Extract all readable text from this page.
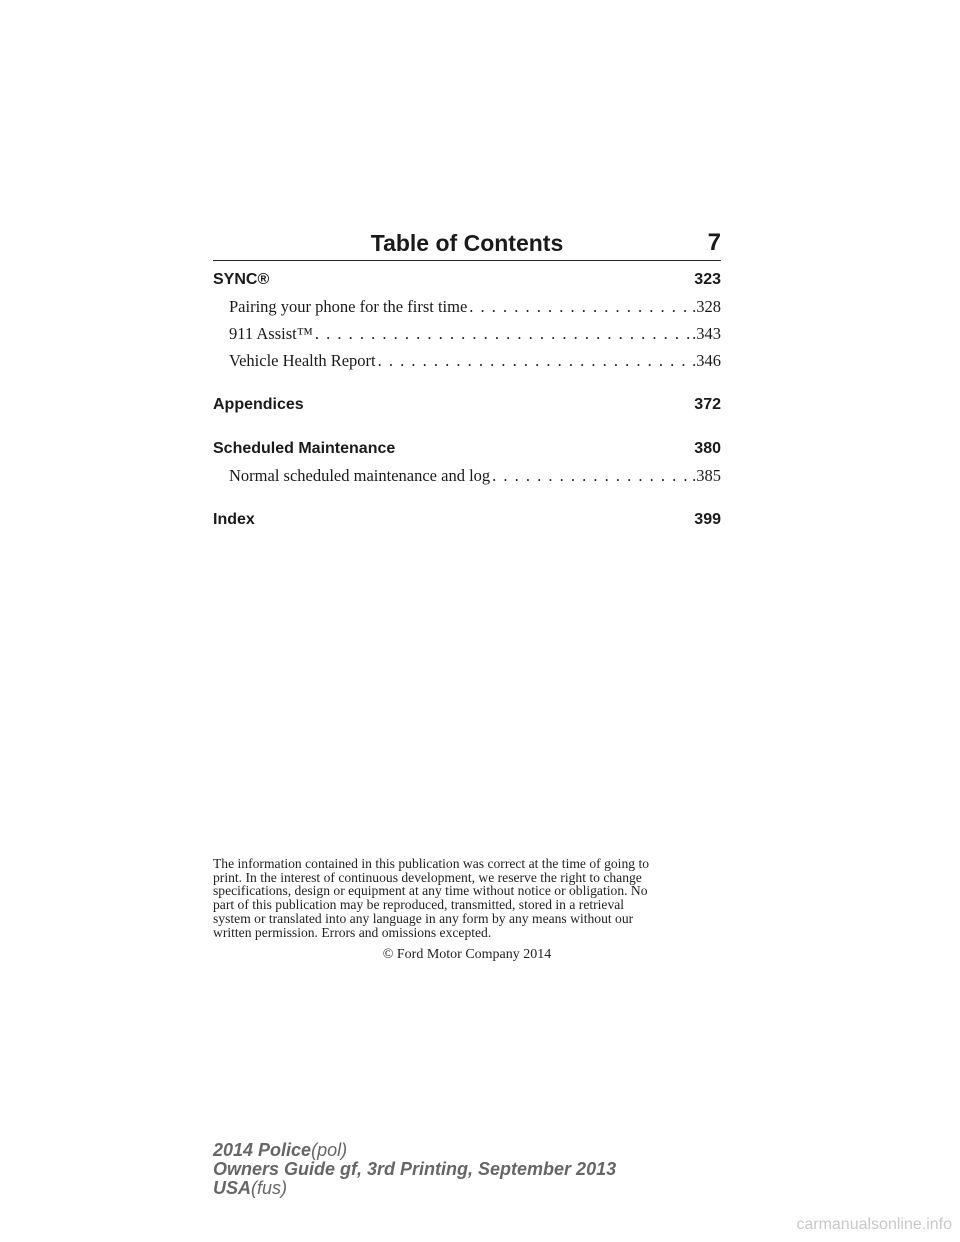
Table of Contents	7
SYNC®	323
Pairing your phone for the first time . . .	.328
911 Assist™ . . .	.343
Vehicle Health Report . . .	.346
Appendices	372
Scheduled Maintenance	380
Normal scheduled maintenance and log . . .	.385
Index	399
The information contained in this publication was correct at the time of going to
print. In the interest of continuous development, we reserve the right to change
specifications, design or equipment at any time without notice or obligation. No
part of this publication may be reproduced, transmitted, stored in a retrieval
system or translated into any language in any form by any means without our
written permission. Errors and omissions excepted.
© Ford Motor Company 2014
2014 Police(pol)
Owners Guide gf, 3rd Printing, September 2013
USA(fus)
carmanualsonline.info
